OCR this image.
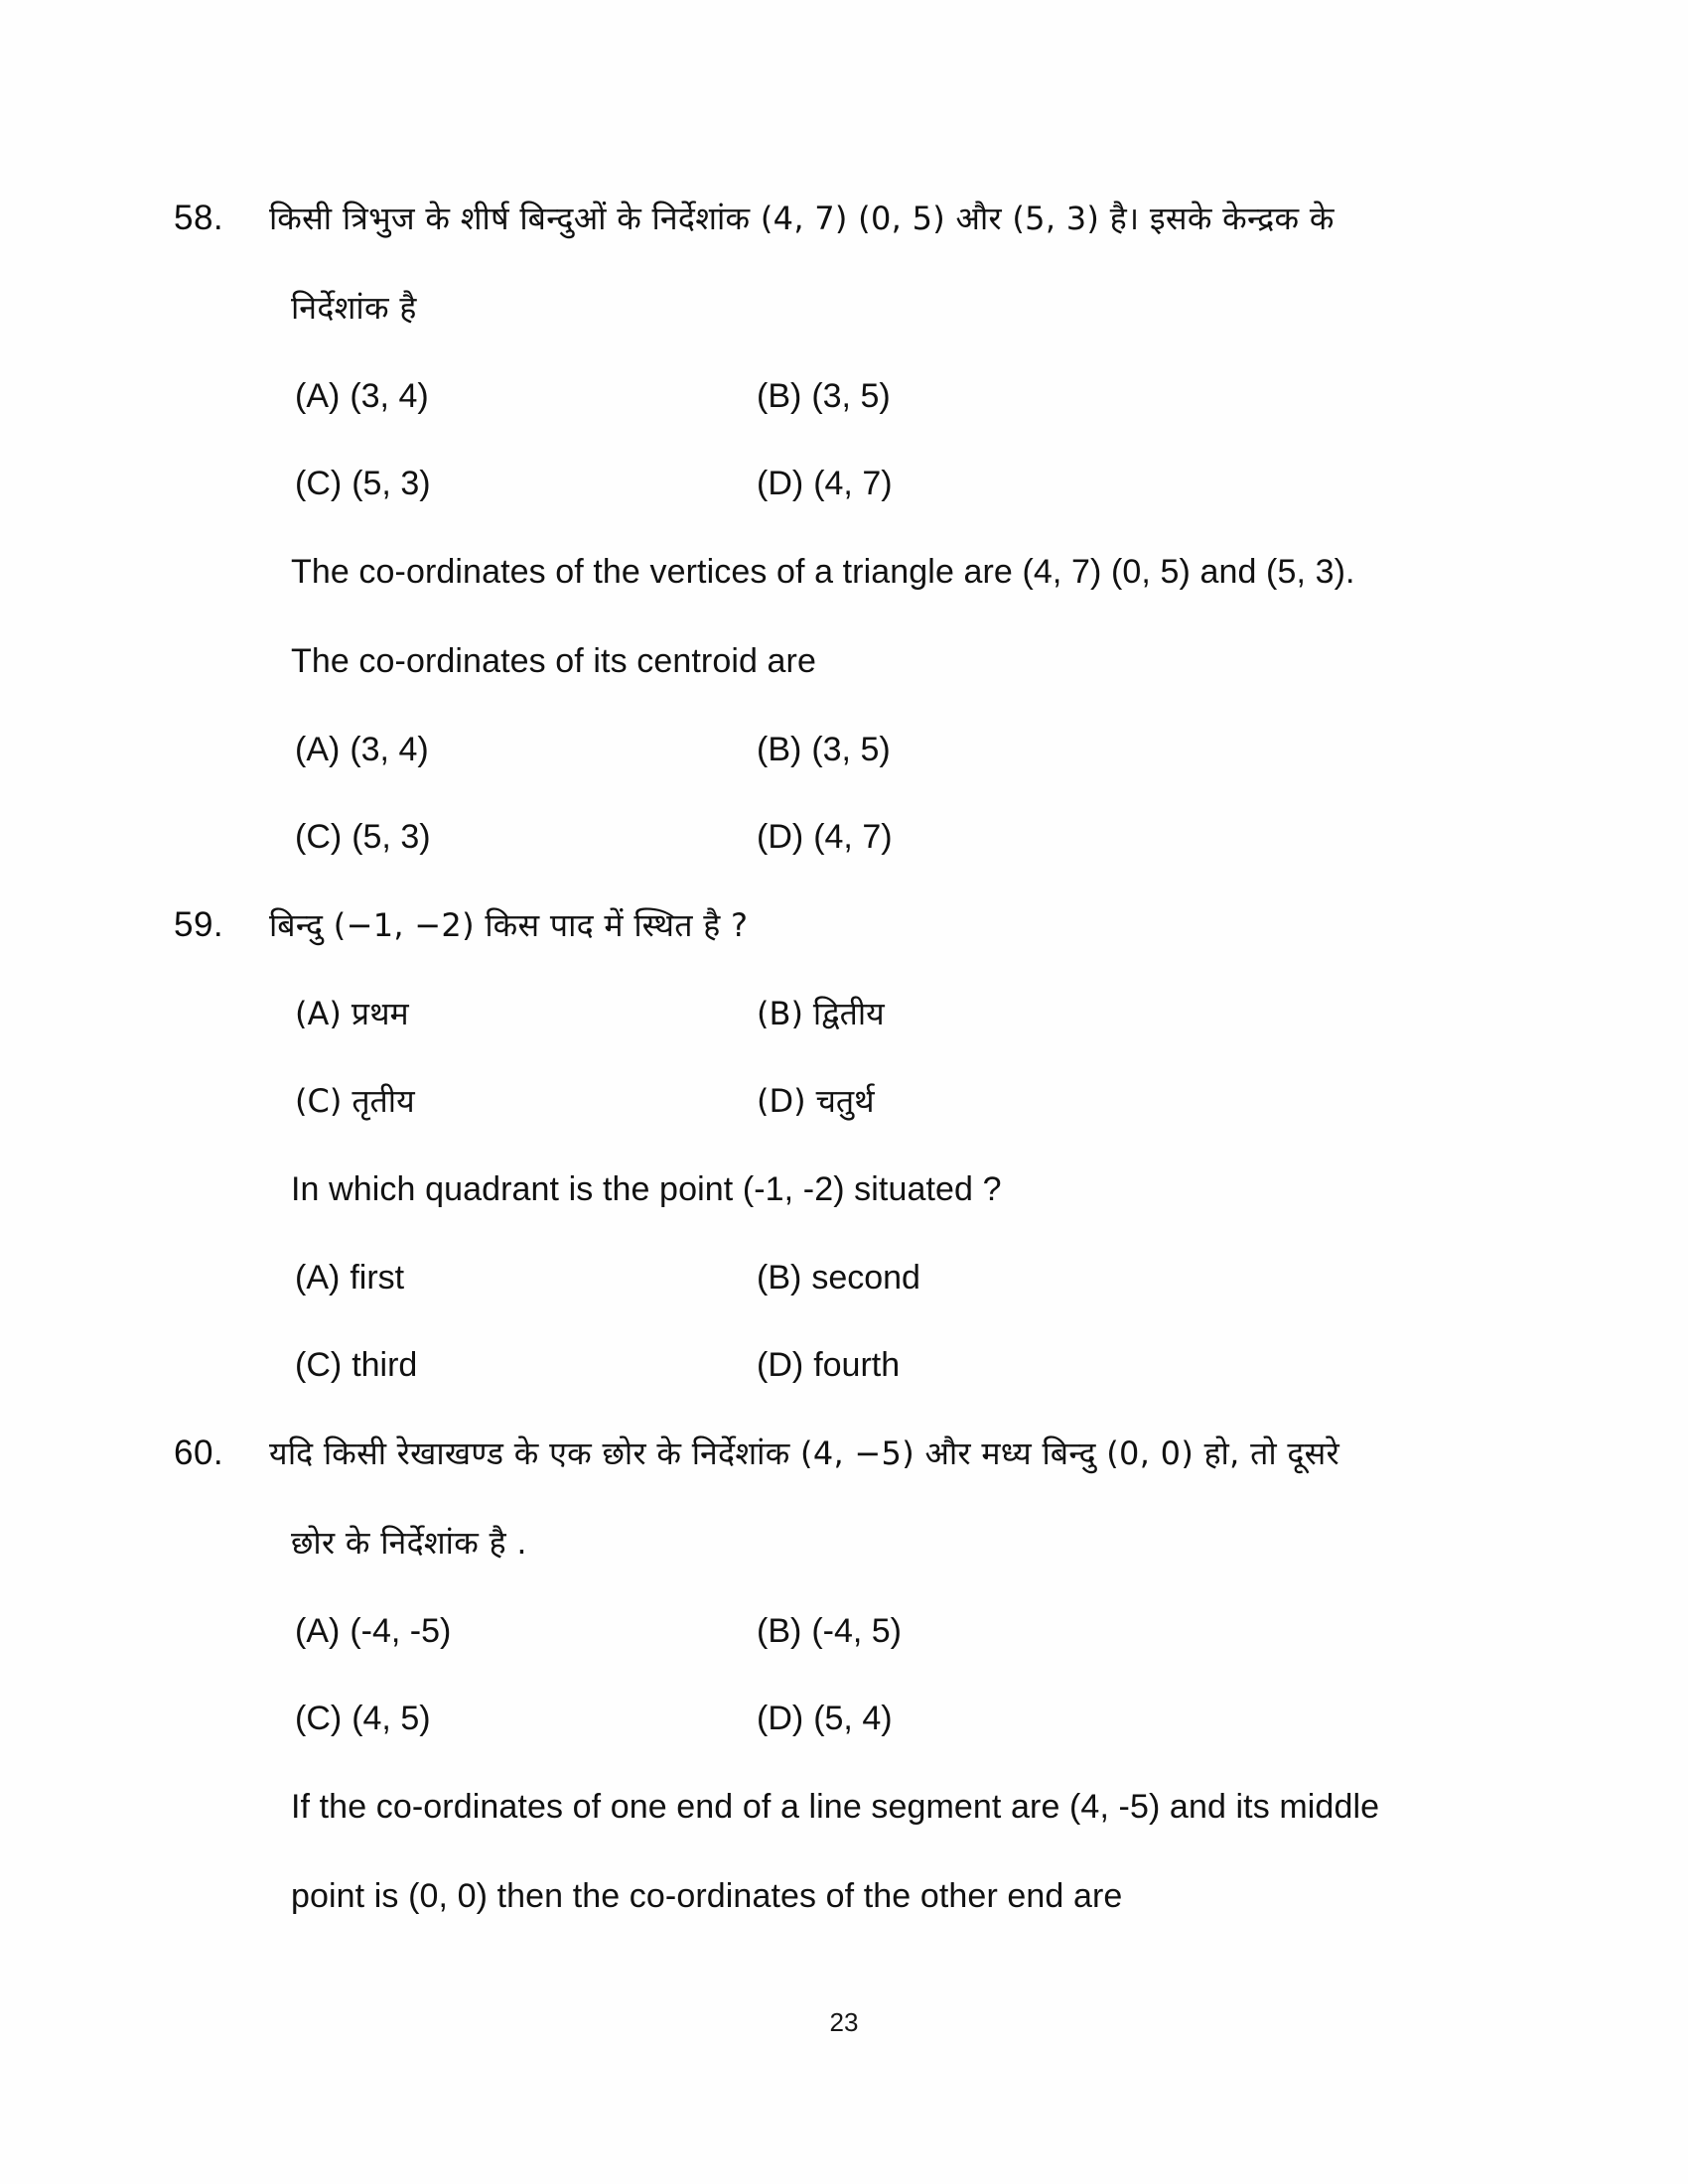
58.	किसी त्रिभुज के शीर्ष बिन्दुओं के निर्देशांक (4, 7) (0, 5) और (5, 3) है। इसके केन्द्रक के
निर्देशांक है
(A) (3, 4)	(B) (3, 5)
(C) (5, 3)	(D) (4, 7)
The co-ordinates of the vertices of a triangle are (4, 7) (0, 5) and (5, 3).
The co-ordinates of its centroid are
(A) (3, 4)	(B) (3, 5)
(C) (5, 3)	(D) (4, 7)
59.	बिन्दु (−1, −2) किस पाद में स्थित है ?
(A) प्रथम	(B) द्वितीय
(C) तृतीय	(D) चतुर्थ
In which quadrant is the point (-1, -2) situated ?
(A) first	(B) second
(C) third	(D) fourth
60.	यदि किसी रेखाखण्ड के एक छोर के निर्देशांक (4, −5) और मध्य बिन्दु (0, 0) हो, तो दूसरे
छोर के निर्देशांक है .
(A) (-4, -5)	(B) (-4, 5)
(C) (4, 5)	(D) (5, 4)
If the co-ordinates of one end of a line segment are (4, -5) and its middle
point is (0, 0) then the co-ordinates of the other end are
23
